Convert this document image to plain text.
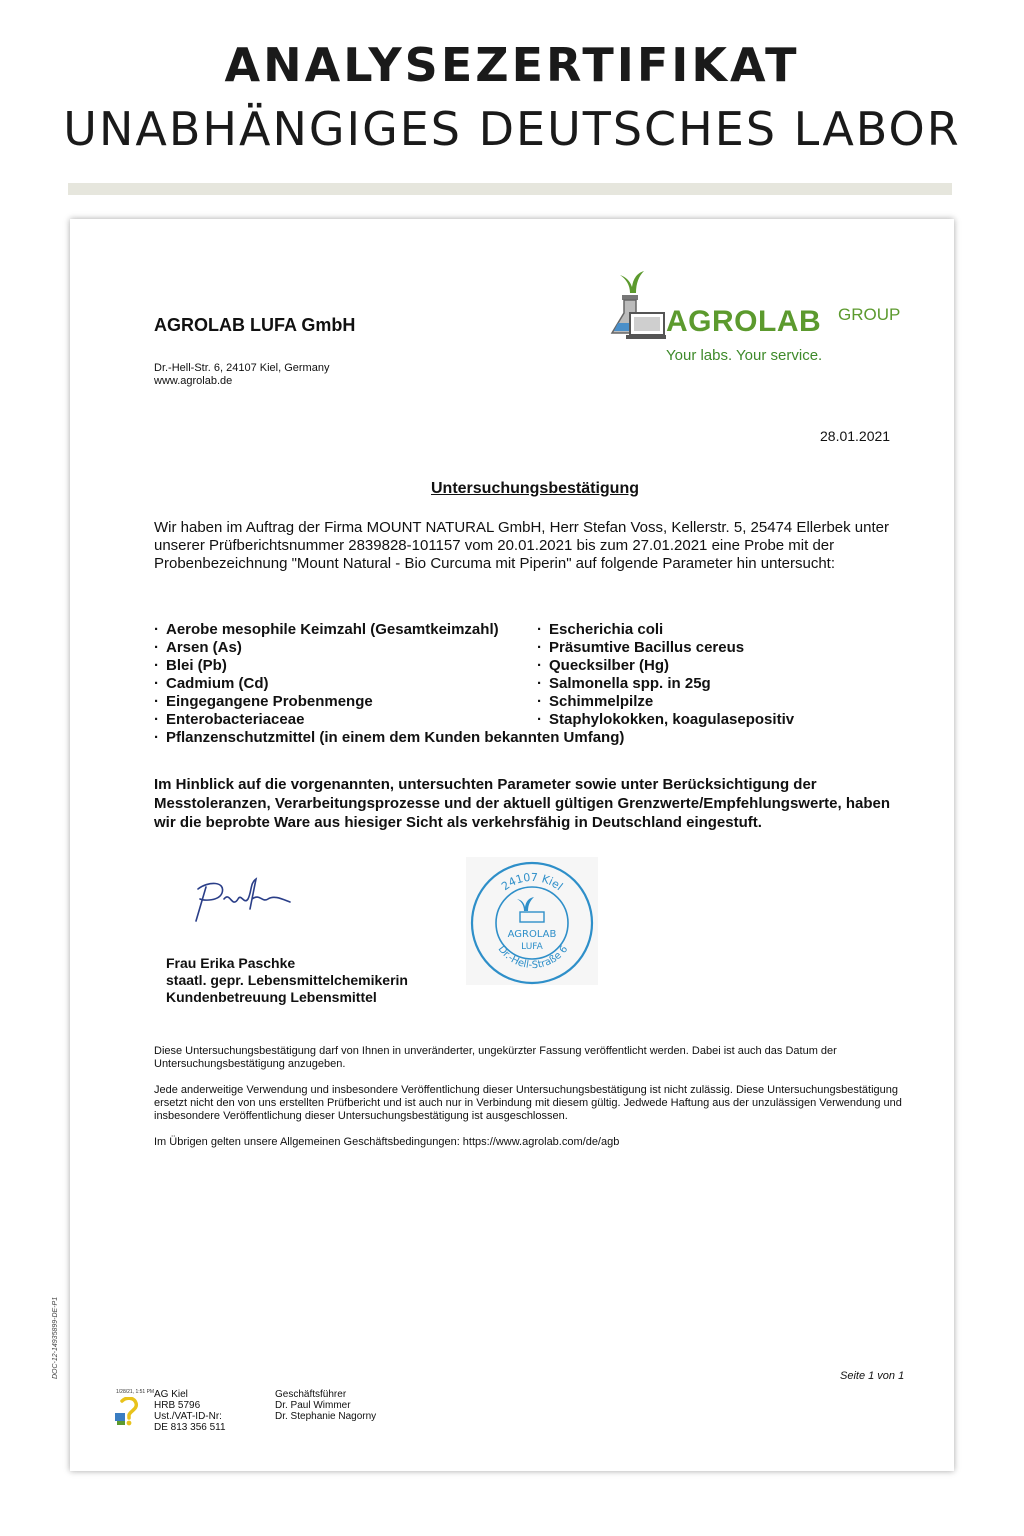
ANALYSEZERTIFIKAT
UNABHÄNGIGES DEUTSCHES LABOR
AGROLAB LUFA GmbH
Dr.-Hell-Str. 6, 24107 Kiel, Germany
www.agrolab.de
AGROLAB GROUP
Your labs. Your service.
28.01.2021
Untersuchungsbestätigung
Wir haben im Auftrag der Firma MOUNT NATURAL GmbH, Herr Stefan Voss, Kellerstr. 5, 25474 Ellerbek unter unserer Prüfberichtsnummer 2839828-101157 vom 20.01.2021 bis zum 27.01.2021 eine Probe mit der Probenbezeichnung "Mount Natural - Bio Curcuma mit Piperin" auf folgende Parameter hin untersucht:
· Aerobe mesophile Keimzahl (Gesamtkeimzahl)
· Arsen (As)
· Blei (Pb)
· Cadmium (Cd)
· Eingegangene Probenmenge
· Enterobacteriaceae
· Pflanzenschutzmittel (in einem dem Kunden bekannten Umfang)
· Escherichia coli
· Präsumtive Bacillus cereus
· Quecksilber (Hg)
· Salmonella spp. in 25g
· Schimmelpilze
· Staphylokokken, koagulasepositiv
Im Hinblick auf die vorgenannten, untersuchten Parameter sowie unter Berücksichtigung der Messtoleranzen, Verarbeitungsprozesse und der aktuell gültigen Grenzwerte/Empfehlungswerte, haben wir die beprobte Ware aus hiesiger Sicht als verkehrsfähig in Deutschland eingestuft.
Frau Erika Paschke
staatl. gepr. Lebensmittelchemikerin
Kundenbetreuung Lebensmittel
24107 Kiel
Dr.-Hell-Straße 6
AGROLAB
LUFA

Diese Untersuchungsbestätigung darf von Ihnen in unveränderter, ungekürzter Fassung veröffentlicht werden. Dabei ist auch das Datum der Untersuchungsbestätigung anzugeben.

Jede anderweitige Verwendung und insbesondere Veröffentlichung dieser Untersuchungsbestätigung ist nicht zulässig. Diese Untersuchungsbestätigung ersetzt nicht den von uns erstellten Prüfbericht und ist auch nur in Verbindung mit diesem gültig. Jedwede Haftung aus der unzulässigen Verwendung und insbesondere Veröffentlichung dieser Untersuchungsbestätigung ist ausgeschlossen.

Im Übrigen gelten unsere Allgemeinen Geschäftsbedingungen: https://www.agrolab.com/de/agb

DOC-12-14935899-DE-P1	Seite 1 von 1
1/28/21, 1:51 PM AG Kiel
HRB 5796
Ust./VAT-ID-Nr:
DE 813 356 511
Geschäftsführer
Dr. Paul Wimmer
Dr. Stephanie Nagorny
